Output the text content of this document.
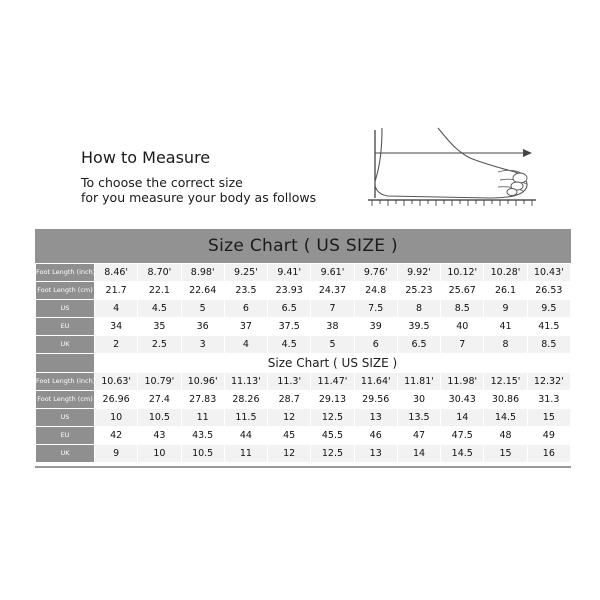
How to Measure
To choose the correct size
for you measure your body as follows
Size Chart ( US SIZE )
Foot Length (inch)	8.46'	8.70'	8.98'	9.25'	9.41'	9.61'	9.76'	9.92'	10.12'	10.28'	10.43'
Foot Length (cm)	21.7	22.1	22.64	23.5	23.93	24.37	24.8	25.23	25.67	26.1	26.53
US	4	4.5	5	6	6.5	7	7.5	8	8.5	9	9.5
EU	34	35	36	37	37.5	38	39	39.5	40	41	41.5
UK	2	2.5	3	4	4.5	5	6	6.5	7	8	8.5
	Size Chart ( US SIZE )										
Foot Length (inch)	10.63'	10.79'	10.96'	11.13'	11.3'	11.47'	11.64'	11.81'	11.98'	12.15'	12.32'
Foot Length (cm)	26.96	27.4	27.83	28.26	28.7	29.13	29.56	30	30.43	30.86	31.3
US	10	10.5	11	11.5	12	12.5	13	13.5	14	14.5	15
EU	42	43	43.5	44	45	45.5	46	47	47.5	48	49
UK	9	10	10.5	11	12	12.5	13	14	14.5	15	16
